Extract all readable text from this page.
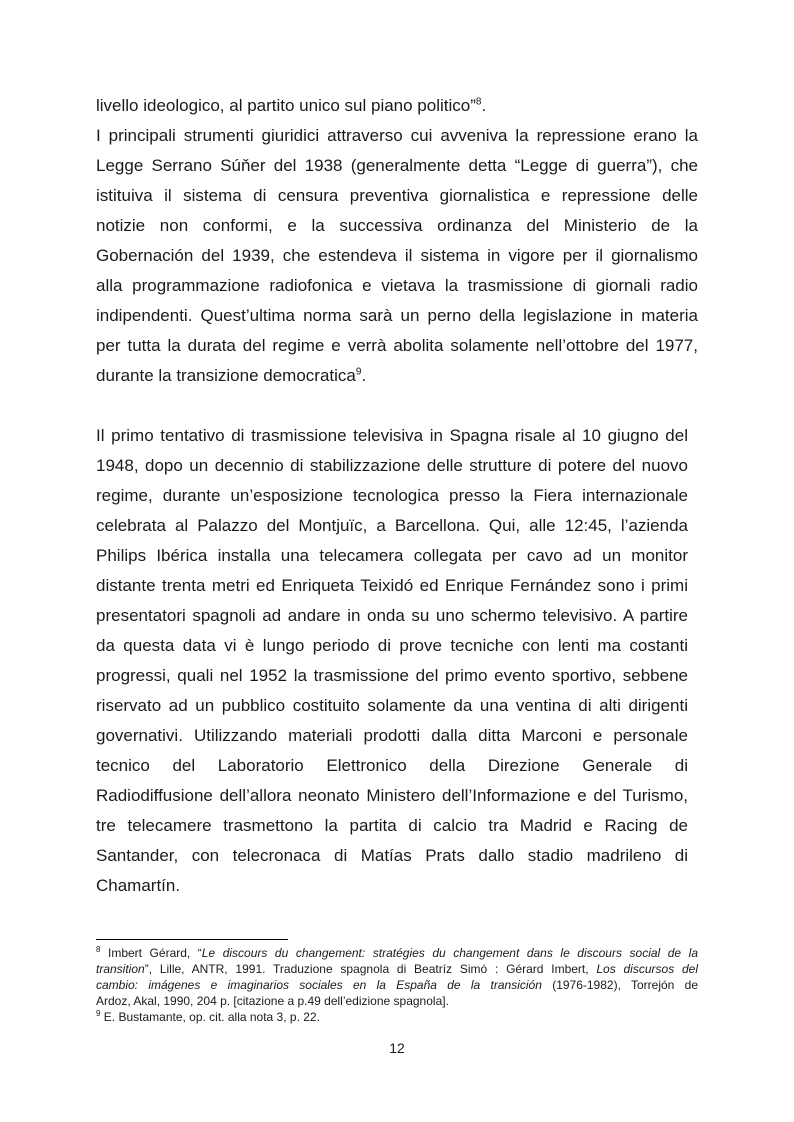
livello ideologico, al partito unico sul piano politico”$^8$.
I principali strumenti giuridici attraverso cui avveniva la repressione erano la
Legge Serrano Súňer del 1938 (generalmente detta “Legge di guerra”), che
istituiva il sistema di censura preventiva giornalistica e repressione delle
notizie non conformi, e la successiva ordinanza del Ministerio de la
Gobernación del 1939, che estendeva il sistema in vigore per il giornalismo
alla programmazione radiofonica e vietava la trasmissione di giornali radio
indipendenti. Quest’ultima norma sarà un perno della legislazione in materia
per tutta la durata del regime e verrà abolita solamente nell’ottobre del 1977,
durante la transizione democratica$^9$.
Il primo tentativo di trasmissione televisiva in Spagna risale al 10 giugno del
1948, dopo un decennio di stabilizzazione delle strutture di potere del nuovo
regime, durante un’esposizione tecnologica presso la Fiera internazionale
celebrata al Palazzo del Montjuïc, a Barcellona. Qui, alle 12:45, l’azienda
Philips Ibérica installa una telecamera collegata per cavo ad un monitor
distante trenta metri ed Enriqueta Teixidó ed Enrique Fernández sono i primi
presentatori spagnoli ad andare in onda su uno schermo televisivo. A partire
da questa data vi è lungo periodo di prove tecniche con lenti ma costanti
progressi, quali nel 1952 la trasmissione del primo evento sportivo, sebbene
riservato ad un pubblico costituito solamente da una ventina di alti dirigenti
governativi. Utilizzando materiali prodotti dalla ditta Marconi e personale
tecnico del Laboratorio Elettronico della Direzione Generale di
Radiodiffusione dell’allora neonato Ministero dell’Informazione e del Turismo,
tre telecamere trasmettono la partita di calcio tra Madrid e Racing de
Santander, con telecronaca di Matías Prats dallo stadio madrileno di
Chamartín.
$^8$ Imbert Gérard, “Le discours du changement: stratégies du changement dans le discours social de la
transition”, Lille, ANTR, 1991. Traduzione spagnola di Beatríz Simó : Gérard Imbert, Los discursos del
cambio: imágenes e imaginarios sociales en la España de la transición (1976-1982), Torrejón de
Ardoz, Akal, 1990, 204 p. [citazione a p.49 dell’edizione spagnola].
$^9$ E. Bustamante, op. cit. alla nota 3, p. 22.
12
